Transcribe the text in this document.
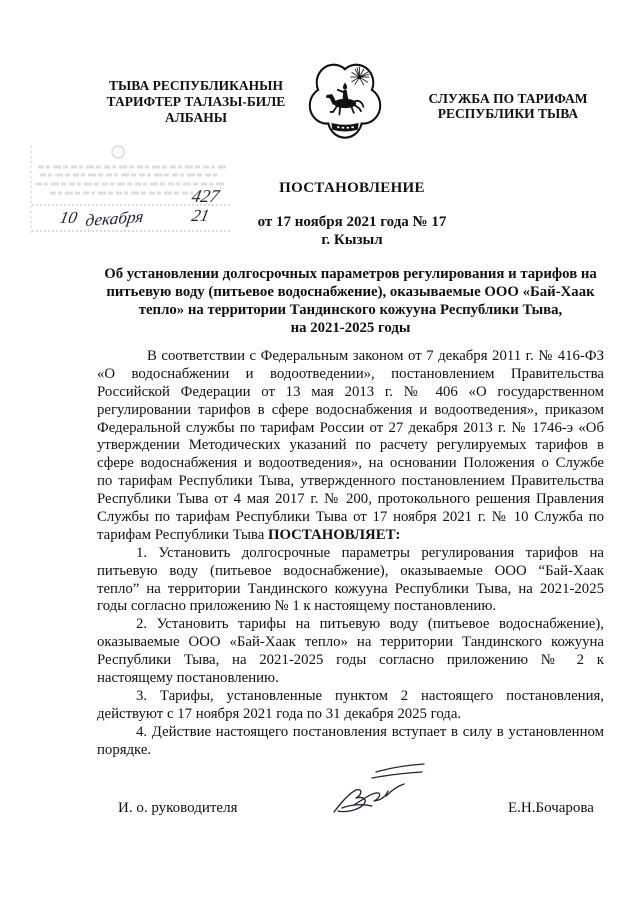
ТЫВА РЕСПУБЛИКАНЫН
ТАРИФТЕР ТАЛАЗЫ-БИЛЕ
АЛБАНЫ
СЛУЖБА ПО ТАРИФАМ
РЕСПУБЛИКИ ТЫВА
427
10 декабря	21
ПОСТАНОВЛЕНИЕ
от 17 ноября 2021 года № 17
г. Кызыл
Об установлении долгосрочных параметров регулирования и тарифов на
питьевую воду (питьевое водоснабжение), оказываемые ООО «Бай-Хаак
тепло» на территории Тандинского кожууна Республики Тыва,
на 2021-2025 годы
В соответствии с Федеральным законом от 7 декабря 2011 г. № 416-ФЗ
«О водоснабжении и водоотведении», постановлением Правительства
Российской Федерации от 13 мая 2013 г. № 406 «О государственном
регулировании тарифов в сфере водоснабжения и водоотведения», приказом
Федеральной службы по тарифам России от 27 декабря 2013 г. № 1746-э «Об
утверждении Методических указаний по расчету регулируемых тарифов в
сфере водоснабжения и водоотведения», на основании Положения о Службе
по тарифам Республики Тыва, утвержденного постановлением Правительства
Республики Тыва от 4 мая 2017 г. № 200, протокольного решения Правления
Службы по тарифам Республики Тыва от 17 ноября 2021 г. № 10 Служба по
тарифам Республики Тыва ПОСТАНОВЛЯЕТ:
1. Установить долгосрочные параметры регулирования тарифов на
питьевую воду (питьевое водоснабжение), оказываемые ООО “Бай-Хаак
тепло” на территории Тандинского кожууна Республики Тыва, на 2021-2025
годы согласно приложению № 1 к настоящему постановлению.
2. Установить тарифы на питьевую воду (питьевое водоснабжение),
оказываемые ООО «Бай-Хаак тепло» на территории Тандинского кожууна
Республики Тыва, на 2021-2025 годы согласно приложению № 2 к
настоящему постановлению.
3. Тарифы, установленные пунктом 2 настоящего постановления,
действуют с 17 ноября 2021 года по 31 декабря 2025 года.
4. Действие настоящего постановления вступает в силу в установленном
порядке.
И. о. руководителя	Е.Н.Бочарова
